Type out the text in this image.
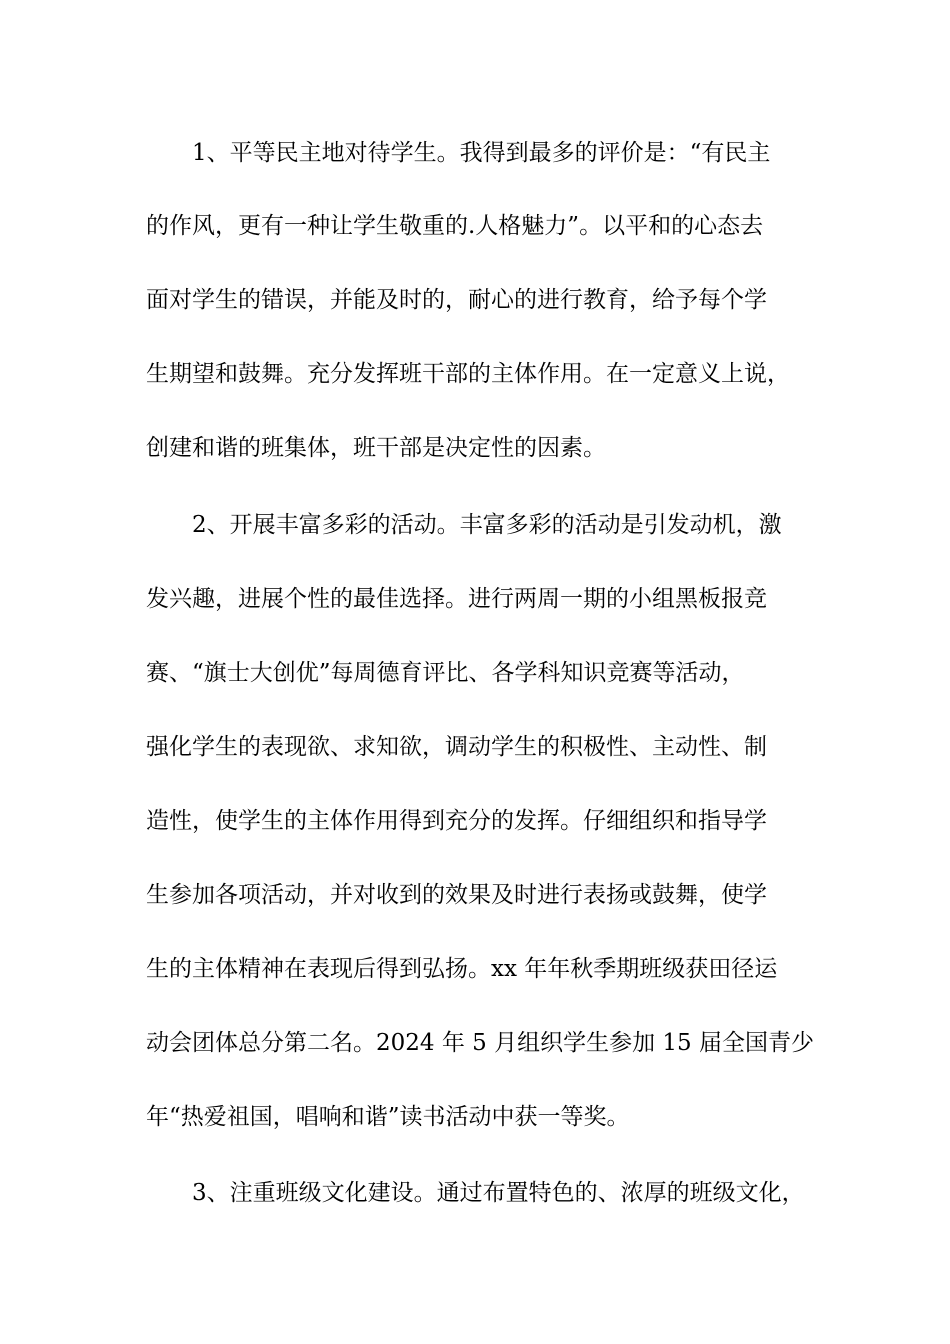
1、平等民主地对待学生。我得到最多的评价是：“有民主
的作风，更有一种让学生敬重的.人格魅力”。以平和的心态去
面对学生的错误，并能及时的，耐心的进行教育，给予每个学
生期望和鼓舞。充分发挥班干部的主体作用。在一定意义上说，
创建和谐的班集体，班干部是决定性的因素。
2、开展丰富多彩的活动。丰富多彩的活动是引发动机，激
发兴趣，进展个性的最佳选择。进行两周一期的小组黑板报竞
赛、“旗士大创优”每周德育评比、各学科知识竞赛等活动，
强化学生的表现欲、求知欲，调动学生的积极性、主动性、制
造性，使学生的主体作用得到充分的发挥。仔细组织和指导学
生参加各项活动，并对收到的效果及时进行表扬或鼓舞，使学
生的主体精神在表现后得到弘扬。xx 年年秋季期班级获田径运
动会团体总分第二名。2024 年 5 月组织学生参加 15 届全国青少
年“热爱祖国，唱响和谐”读书活动中获一等奖。
3、注重班级文化建设。通过布置特色的、浓厚的班级文化，
